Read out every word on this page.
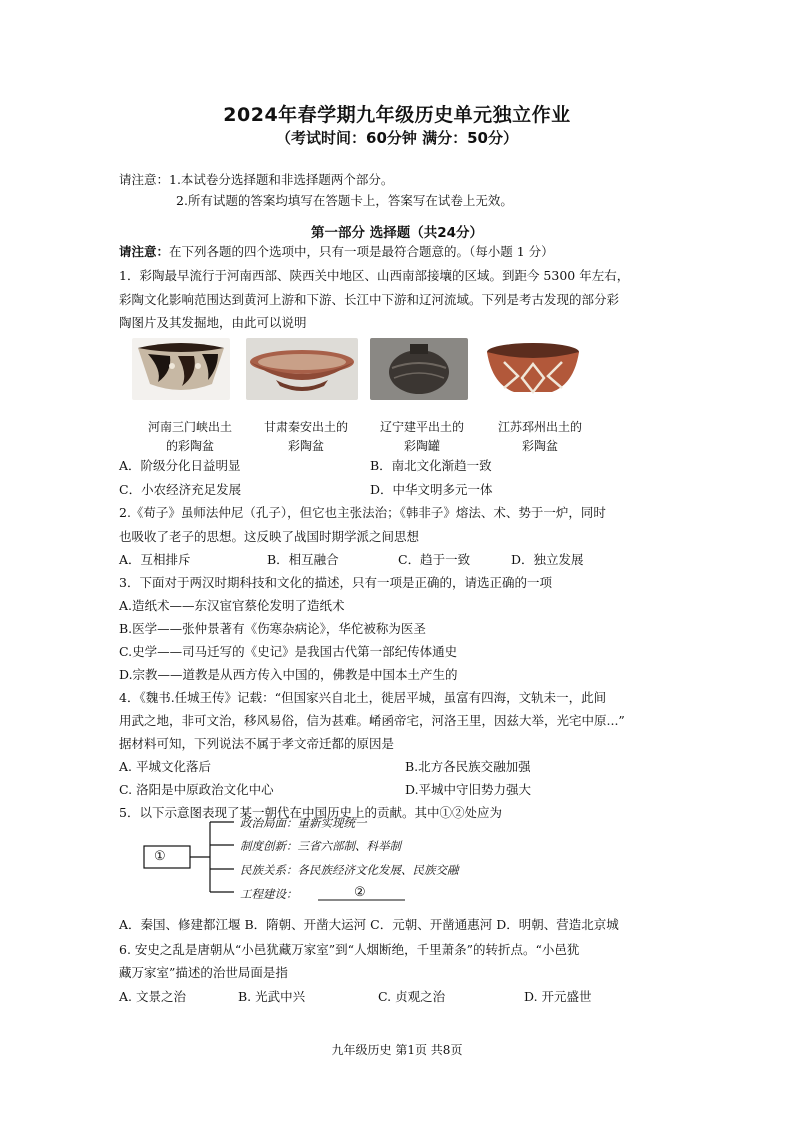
2024年春学期九年级历史单元独立作业
（考试时间：60分钟 满分：50分）
请注意：1.本试卷分选择题和非选择题两个部分。
2.所有试题的答案均填写在答题卡上，答案写在试卷上无效。
第一部分 选择题（共24分）
请注意：在下列各题的四个选项中，只有一项是最符合题意的。（每小题 1 分）
1．彩陶最早流行于河南西部、陕西关中地区、山西南部接壤的区域。到距今 5300 年左右，
彩陶文化影响范围达到黄河上游和下游、长江中下游和辽河流域。下列是考古发现的部分彩
陶图片及其发掘地，由此可以说明
河南三门峡出土
的彩陶盆
甘肃秦安出土的
彩陶盆
辽宁建平出土的
彩陶罐
江苏邳州出土的
彩陶盆
A．阶级分化日益明显	B．南北文化渐趋一致
C．小农经济充足发展	D．中华文明多元一体
2.《荀子》虽师法仲尼（孔子），但它也主张法治；《韩非子》熔法、术、势于一炉，同时
也吸收了老子的思想。这反映了战国时期学派之间思想
A．互相排斥	B．相互融合	C．趋于一致	D．独立发展
3．下面对于两汉时期科技和文化的描述，只有一项是正确的，请选正确的一项
A.造纸术——东汉宦官蔡伦发明了造纸术
B.医学——张仲景著有《伤寒杂病论》，华佗被称为医圣
C.史学——司马迁写的《史记》是我国古代第一部纪传体通史
D.宗教——道教是从西方传入中国的，佛教是中国本土产生的
4．《魏书.任城王传》记载：“但国家兴自北土，徙居平城，虽富有四海，文轨未一，此间
用武之地，非可文治，移风易俗，信为甚难。崤函帝宅，河洛王里，因兹大举，光宅中原...”
据材料可知，下列说法不属于孝文帝迁都的原因是
A. 平城文化落后	B.北方各民族交融加强
C. 洛阳是中原政治文化中心	D.平城中守旧势力强大
5．以下示意图表现了某一朝代在中国历史上的贡献。其中①②处应为
①
政治局面：重新实现统一
制度创新：三省六部制、科举制
民族关系：各民族经济文化发展、民族交融
工程建设：	②
A．秦国、修建都江堰 B．隋朝、开凿大运河 C．元朝、开凿通惠河 D．明朝、营造北京城
6. 安史之乱是唐朝从“小邑犹藏万家室”到“人烟断绝，千里萧条”的转折点。“小邑犹
藏万家室”描述的治世局面是指
A. 文景之治	B. 光武中兴	C. 贞观之治	D. 开元盛世
九年级历史 第1页 共8页
